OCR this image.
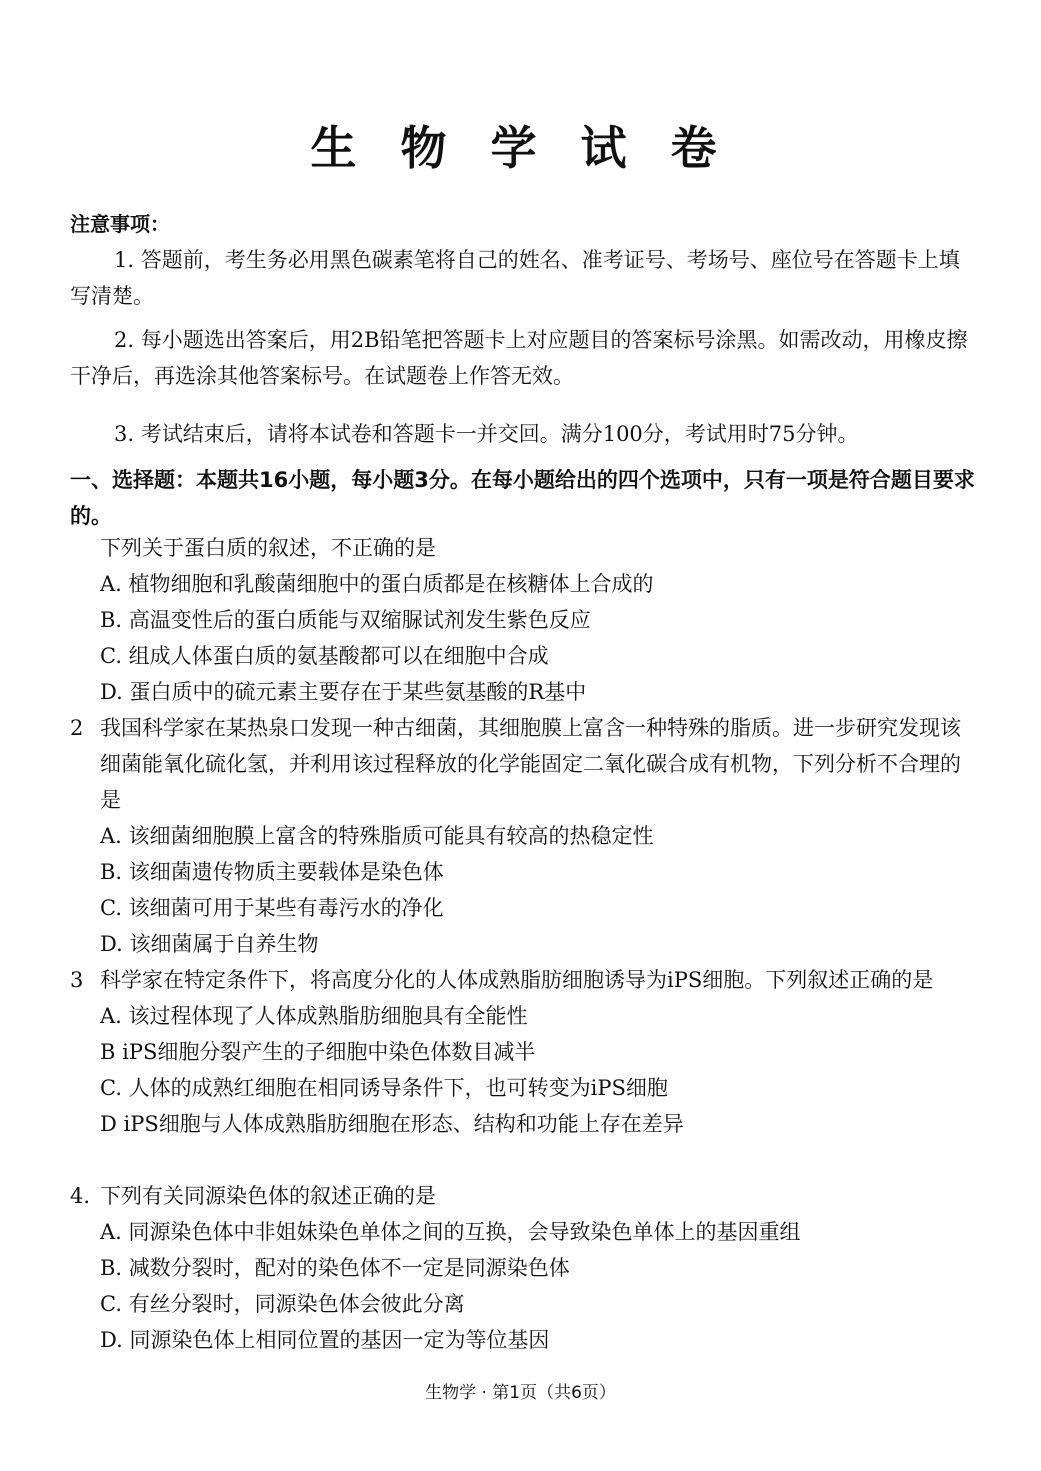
生 物 学 试 卷
注意事项：
1. 答题前，考生务必用黑色碳素笔将自己的姓名、准考证号、考场号、座位号在答题卡上填写清楚。
2. 每小题选出答案后，用2B铅笔把答题卡上对应题目的答案标号涂黑。如需改动，用橡皮擦干净后，再选涂其他答案标号。在试题卷上作答无效。
3. 考试结束后，请将本试卷和答题卡一并交回。满分100分，考试用时75分钟。
一、选择题：本题共16小题，每小题3分。在每小题给出的四个选项中，只有一项是符合题目要求的。
下列关于蛋白质的叙述，不正确的是
A. 植物细胞和乳酸菌细胞中的蛋白质都是在核糖体上合成的
B. 高温变性后的蛋白质能与双缩脲试剂发生紫色反应
C. 组成人体蛋白质的氨基酸都可以在细胞中合成
D. 蛋白质中的硫元素主要存在于某些氨基酸的R基中
2 我国科学家在某热泉口发现一种古细菌，其细胞膜上富含一种特殊的脂质。进一步研究发现该细菌能氧化硫化氢，并利用该过程释放的化学能固定二氧化碳合成有机物，下列分析不合理的是
A. 该细菌细胞膜上富含的特殊脂质可能具有较高的热稳定性
B. 该细菌遗传物质主要载体是染色体
C. 该细菌可用于某些有毒污水的净化
D. 该细菌属于自养生物
3 科学家在特定条件下，将高度分化的人体成熟脂肪细胞诱导为iPS细胞。下列叙述正确的是
A. 该过程体现了人体成熟脂肪细胞具有全能性
B iPS细胞分裂产生的子细胞中染色体数目减半
C. 人体的成熟红细胞在相同诱导条件下，也可转变为iPS细胞
D iPS细胞与人体成熟脂肪细胞在形态、结构和功能上存在差异
4. 下列有关同源染色体的叙述正确的是
A. 同源染色体中非姐妹染色单体之间的互换，会导致染色单体上的基因重组
B. 减数分裂时，配对的染色体不一定是同源染色体
C. 有丝分裂时，同源染色体会彼此分离
D. 同源染色体上相同位置的基因一定为等位基因
生物学 · 第1页（共6页）
